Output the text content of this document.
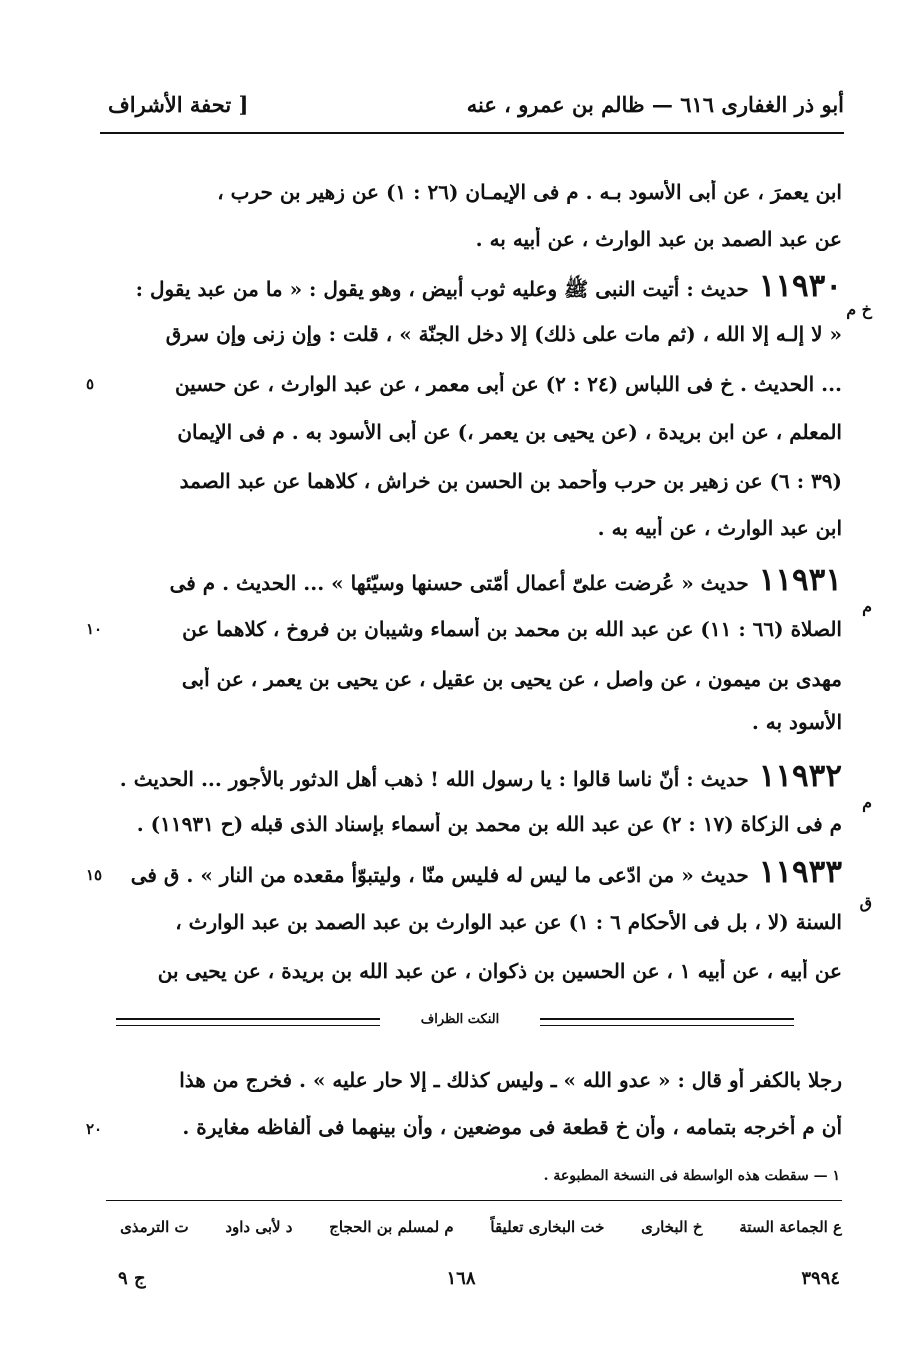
أبو ذر الغفارى ٦١٦ — ظالم بن عمرو ، عنه
[ تحفة الأشراف
ابن يعمرَ ، عن أبى الأسود بـه . م فى الإيمـان (٢٦ : ١) عن زهير بن حرب ،
عن عبد الصمد بن عبد الوارث ، عن أبيه به .
١١٩٣٠حديث : أتيت النبى ﷺ وعليه ثوب أبيض ، وهو يقول : « ما من عبد يقول :
« لا إلـه إلا الله ، (ثم مات على ذلك) إلا دخل الجنّة » ، قلت : وإن زنى وإن سرق
... الحديث . خ فى اللباس (٢٤ : ٢) عن أبى معمر ، عن عبد الوارث ، عن حسين
المعلم ، عن ابن بريدة ، (عن يحيى بن يعمر ،) عن أبى الأسود به . م فى الإيمان
(٣٩ : ٦) عن زهير بن حرب وأحمد بن الحسن بن خراش ، كلاهما عن عبد الصمد
ابن عبد الوارث ، عن أبيه به .
١١٩٣١حديث « عُرضت علىّ أعمال أمّتى حسنها وسيّئها » ... الحديث . م فى
الصلاة (٦٦ : ١١) عن عبد الله بن محمد بن أسماء وشيبان بن فروخ ، كلاهما عن
مهدى بن ميمون ، عن واصل ، عن يحيى بن عقيل ، عن يحيى بن يعمر ، عن أبى
الأسود به .
١١٩٣٢حديث : أنّ ناسا قالوا : يا رسول الله ! ذهب أهل الدثور بالأجور ... الحديث .
م فى الزكاة (١٧ : ٢) عن عبد الله بن محمد بن أسماء بإسناد الذى قبله (ح ١١٩٣١) .
١١٩٣٣حديث « من ادّعى ما ليس له فليس منّا ، وليتبوّأ مقعده من النار » . ق فى
السنة (لا ، بل فى الأحكام ٦ : ١) عن عبد الوارث بن عبد الصمد بن عبد الوارث ،
عن أبيه ، عن أبيه ١ ، عن الحسين بن ذكوان ، عن عبد الله بن بريدة ، عن يحيى بن
خ م
م
م
ق
٥
١٠
١٥
٢٠
النكت الظراف
رجلا بالكفر أو قال : « عدو الله » ـ وليس كذلك ـ إلا حار عليه » . فخرج من هذا
أن م أخرجه بتمامه ، وأن خ قطعة فى موضعين ، وأن بينهما فى ألفاظه مغايرة .
١ — سقطت هذه الواسطة فى النسخة المطبوعة .
ع الجماعة الستة
خ البخارى
خت البخارى تعليقاً
م لمسلم بن الحجاج
د لأبى داود
ت الترمذى
٣٩٩٤
١٦٨
ج ٩
